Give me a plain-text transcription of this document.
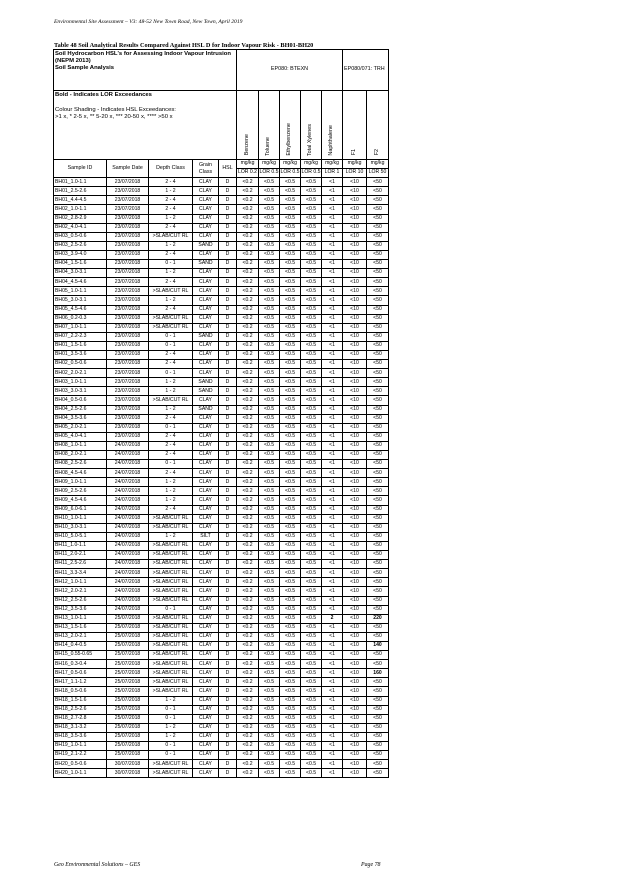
Environmental Site Assessment – V3: 48-52 New Town Road, New Town, April 2019
Table 48 Soil Analytical Results Compared Against HSL D for Indoor Vapour Risk - BH01-BH20
Soil Hydrocarbon HSL's for Assessing Indoor Vapour Intrusion
(NEPM 2013)
Soil Sample Analysis					EP080: BTEXN					EP080/071: TRH	

Bold - Indicates LOR Exceedances
Colour Shading - Indicates HSL Exceedances:
>1 x, * 2-5 x, ** 5-20 x, *** 20-50 x, **** >50 x					Benzene	Toluene	Ethylbenzene	Total Xylenes	Naphthalene	F1	F2
Sample ID	Sample Date	Depth Class	Grain Class	HSL	mg/kg	mg/kg	mg/kg	mg/kg	mg/kg	mg/kg	mg/kg
					LOR 0.2	LOR 0.5	LOR 0.5	LOR 0.5	LOR 1	LOR 10	LOR 50
BH01_1.0-1.1	23/07/2018	2 - 4	CLAY	D	<0.2	<0.5	<0.5	<0.5	<1	<10	<50
BH01_2.5-2.6	23/07/2018	1 - 2	CLAY	D	<0.2	<0.5	<0.5	<0.5	<1	<10	<50
BH01_4.4-4.5	23/07/2018	2 - 4	CLAY	D	<0.2	<0.5	<0.5	<0.5	<1	<10	<50
BH02_1.0-1.1	23/07/2018	2 - 4	CLAY	D	<0.2	<0.5	<0.5	<0.5	<1	<10	<50
BH02_2.8-2.9	23/07/2018	1 - 2	CLAY	D	<0.2	<0.5	<0.5	<0.5	<1	<10	<50
BH02_4.0-4.1	23/07/2018	2 - 4	CLAY	D	<0.2	<0.5	<0.5	<0.5	<1	<10	<50
BH03_0.5-0.6	23/07/2018	>SLAB/CUT RL	CLAY	D	<0.2	<0.5	<0.5	<0.5	<1	<10	<50
BH03_2.5-2.6	23/07/2018	1 - 2	SAND	D	<0.2	<0.5	<0.5	<0.5	<1	<10	<50
BH03_3.9-4.0	23/07/2018	2 - 4	CLAY	D	<0.2	<0.5	<0.5	<0.5	<1	<10	<50
BH04_1.5-1.6	23/07/2018	0 - 1	SAND	D	<0.2	<0.5	<0.5	<0.5	<1	<10	<50
BH04_3.0-3.1	23/07/2018	1 - 2	CLAY	D	<0.2	<0.5	<0.5	<0.5	<1	<10	<50
BH04_4.5-4.6	23/07/2018	2 - 4	CLAY	D	<0.2	<0.5	<0.5	<0.5	<1	<10	<50
BH05_1.0-1.1	23/07/2018	>SLAB/CUT RL	CLAY	D	<0.2	<0.5	<0.5	<0.5	<1	<10	<50
BH05_3.0-3.1	23/07/2018	1 - 2	CLAY	D	<0.2	<0.5	<0.5	<0.5	<1	<10	<50
BH05_4.5-4.6	23/07/2018	2 - 4	CLAY	D	<0.2	<0.5	<0.5	<0.5	<1	<10	<50
BH06_0.2-0.3	23/07/2018	>SLAB/CUT RL	CLAY	D	<0.2	<0.5	<0.5	<0.5	<1	<10	<50
BH07_1.0-1.1	23/07/2018	>SLAB/CUT RL	CLAY	D	<0.2	<0.5	<0.5	<0.5	<1	<10	<50
BH07_2.2-2.3	23/07/2018	0 - 1	SAND	D	<0.2	<0.5	<0.5	<0.5	<1	<10	<50
BH01_1.5-1.6	23/07/2018	0 - 1	CLAY	D	<0.2	<0.5	<0.5	<0.5	<1	<10	<50
BH01_3.5-3.6	23/07/2018	2 - 4	CLAY	D	<0.2	<0.5	<0.5	<0.5	<1	<10	<50
BH02_0.5-0.6	23/07/2018	2 - 4	CLAY	D	<0.2	<0.5	<0.5	<0.5	<1	<10	<50
BH02_2.0-2.1	23/07/2018	0 - 1	CLAY	D	<0.2	<0.5	<0.5	<0.5	<1	<10	<50
BH03_1.0-1.1	23/07/2018	1 - 2	SAND	D	<0.2	<0.5	<0.5	<0.5	<1	<10	<50
BH03_3.0-3.1	23/07/2018	1 - 2	SAND	D	<0.2	<0.5	<0.5	<0.5	<1	<10	<50
BH04_0.5-0.6	23/07/2018	>SLAB/CUT RL	CLAY	D	<0.2	<0.5	<0.5	<0.5	<1	<10	<50
BH04_2.5-2.6	23/07/2018	1 - 2	SAND	D	<0.2	<0.5	<0.5	<0.5	<1	<10	<50
BH04_3.5-3.6	23/07/2018	2 - 4	CLAY	D	<0.2	<0.5	<0.5	<0.5	<1	<10	<50
BH05_2.0-2.1	23/07/2018	0 - 1	CLAY	D	<0.2	<0.5	<0.5	<0.5	<1	<10	<50
BH05_4.0-4.1	23/07/2018	2 - 4	CLAY	D	<0.2	<0.5	<0.5	<0.5	<1	<10	<50
BH08_1.0-1.1	24/07/2018	2 - 4	CLAY	D	<0.2	<0.5	<0.5	<0.5	<1	<10	<50
BH08_2.0-2.1	24/07/2018	2 - 4	CLAY	D	<0.2	<0.5	<0.5	<0.5	<1	<10	<50
BH08_2.5-2.6	24/07/2018	0 - 1	CLAY	D	<0.2	<0.5	<0.5	<0.5	<1	<10	<50
BH08_4.5-4.6	24/07/2018	2 - 4	CLAY	D	<0.2	<0.5	<0.5	<0.5	<1	<10	<50
BH09_1.0-1.1	24/07/2018	1 - 2	CLAY	D	<0.2	<0.5	<0.5	<0.5	<1	<10	<50
BH09_2.5-2.6	24/07/2018	1 - 2	CLAY	D	<0.2	<0.5	<0.5	<0.5	<1	<10	<50
BH09_4.5-4.6	24/07/2018	1 - 2	CLAY	D	<0.2	<0.5	<0.5	<0.5	<1	<10	<50
BH09_6.0-6.1	24/07/2018	2 - 4	CLAY	D	<0.2	<0.5	<0.5	<0.5	<1	<10	<50
BH10_1.0-1.1	24/07/2018	>SLAB/CUT RL	CLAY	D	<0.2	<0.5	<0.5	<0.5	<1	<10	<50
BH10_3.0-3.1	24/07/2018	>SLAB/CUT RL	CLAY	D	<0.2	<0.5	<0.5	<0.5	<1	<10	<50
BH10_5.0-5.1	24/07/2018	1 - 2	SILT	D	<0.2	<0.5	<0.5	<0.5	<1	<10	<50
BH11_1.0-1.1	24/07/2018	>SLAB/CUT RL	CLAY	D	<0.2	<0.5	<0.5	<0.5	<1	<10	<50
BH11_2.0-2.1	24/07/2018	>SLAB/CUT RL	CLAY	D	<0.2	<0.5	<0.5	<0.5	<1	<10	<50
BH11_2.5-2.6	24/07/2018	>SLAB/CUT RL	CLAY	D	<0.2	<0.5	<0.5	<0.5	<1	<10	<50
BH11_3.3-3.4	24/07/2018	>SLAB/CUT RL	CLAY	D	<0.2	<0.5	<0.5	<0.5	<1	<10	<50
BH12_1.0-1.1	24/07/2018	>SLAB/CUT RL	CLAY	D	<0.2	<0.5	<0.5	<0.5	<1	<10	<50
BH12_2.0-2.1	24/07/2018	>SLAB/CUT RL	CLAY	D	<0.2	<0.5	<0.5	<0.5	<1	<10	<50
BH12_2.5-2.6	24/07/2018	>SLAB/CUT RL	CLAY	D	<0.2	<0.5	<0.5	<0.5	<1	<10	<50
BH12_3.5-3.6	24/07/2018	0 - 1	CLAY	D	<0.2	<0.5	<0.5	<0.5	<1	<10	<50
BH13_1.0-1.1	25/07/2018	>SLAB/CUT RL	CLAY	D	<0.2	<0.5	<0.5	<0.5	2	<10	220
BH13_1.5-1.6	25/07/2018	>SLAB/CUT RL	CLAY	D	<0.2	<0.5	<0.5	<0.5	<1	<10	<50
BH13_2.0-2.1	25/07/2018	>SLAB/CUT RL	CLAY	D	<0.2	<0.5	<0.5	<0.5	<1	<10	<50
BH14_0.4-0.5	25/07/2018	>SLAB/CUT RL	CLAY	D	<0.2	<0.5	<0.5	<0.5	<1	<10	140
BH15_0.55-0.65	25/07/2018	>SLAB/CUT RL	CLAY	D	<0.2	<0.5	<0.5	<0.5	<1	<10	<50
BH16_0.3-0.4	25/07/2018	>SLAB/CUT RL	CLAY	D	<0.2	<0.5	<0.5	<0.5	<1	<10	<50
BH17_0.5-0.6	25/07/2018	>SLAB/CUT RL	CLAY	D	<0.2	<0.5	<0.5	<0.5	<1	<10	160
BH17_1.1-1.2	25/07/2018	>SLAB/CUT RL	CLAY	D	<0.2	<0.5	<0.5	<0.5	<1	<10	<50
BH18_0.5-0.6	25/07/2018	>SLAB/CUT RL	CLAY	D	<0.2	<0.5	<0.5	<0.5	<1	<10	<50
BH18_1.5-1.6	25/07/2018	1 - 2	CLAY	D	<0.2	<0.5	<0.5	<0.5	<1	<10	<50
BH18_2.5-2.6	25/07/2018	0 - 1	CLAY	D	<0.2	<0.5	<0.5	<0.5	<1	<10	<50
BH18_2.7-2.8	25/07/2018	0 - 1	CLAY	D	<0.2	<0.5	<0.5	<0.5	<1	<10	<50
BH18_3.1-3.2	25/07/2018	1 - 2	CLAY	D	<0.2	<0.5	<0.5	<0.5	<1	<10	<50
BH18_3.5-3.6	25/07/2018	1 - 2	CLAY	D	<0.2	<0.5	<0.5	<0.5	<1	<10	<50
BH19_1.0-1.1	25/07/2018	0 - 1	CLAY	D	<0.2	<0.5	<0.5	<0.5	<1	<10	<50
BH19_2.1-2.2	25/07/2018	0 - 1	CLAY	D	<0.2	<0.5	<0.5	<0.5	<1	<10	<50
BH20_0.5-0.6	30/07/2018	>SLAB/CUT RL	CLAY	D	<0.2	<0.5	<0.5	<0.5	<1	<10	<50
BH20_1.0-1.1	30/07/2018	>SLAB/CUT RL	CLAY	D	<0.2	<0.5	<0.5	<0.5	<1	<10	<50
Geo Environmental Solutions – GES	Page 78
